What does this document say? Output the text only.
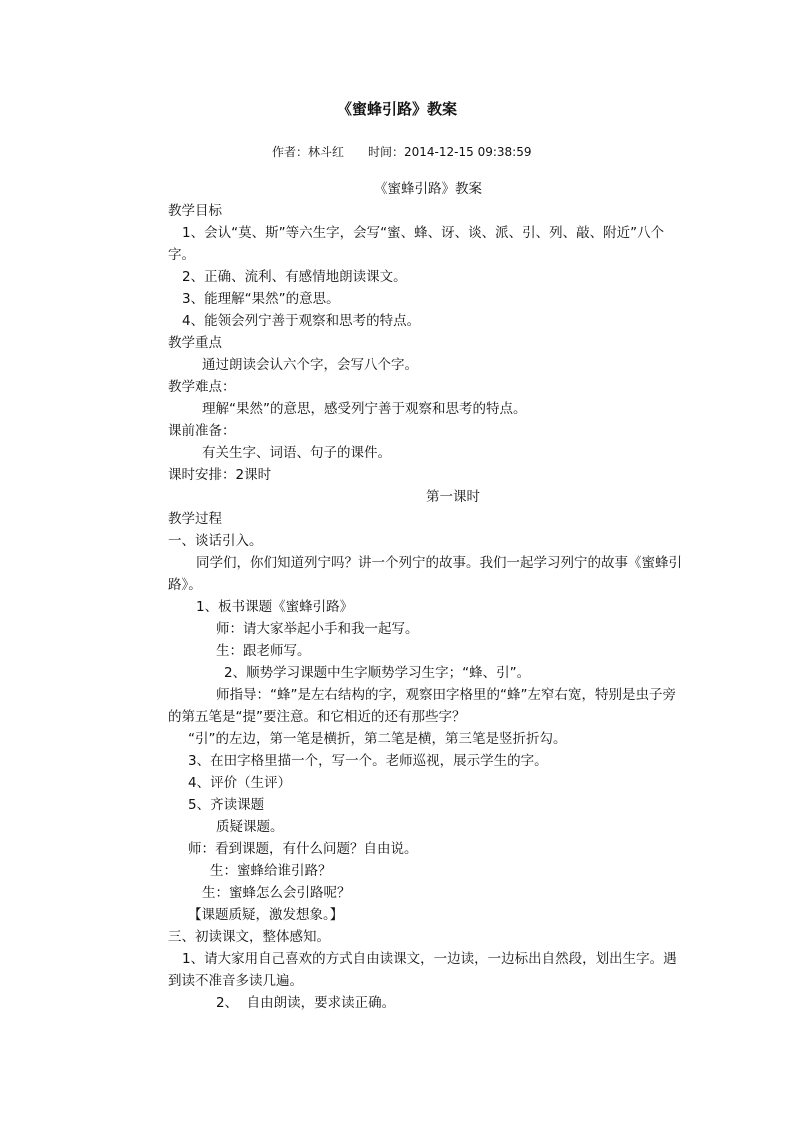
《蜜蜂引路》教案
作者：林斗红 时间：2014-12-15 09:38:59
《蜜蜂引路》教案
教学目标
1、会认“莫、斯”等六生字，会写“蜜、蜂、讶、谈、派、引、列、敲、附近”八个字。
2、正确、流利、有感情地朗读课文。
3、能理解“果然”的意思。
4、能领会列宁善于观察和思考的特点。
教学重点
通过朗读会认六个字，会写八个字。
教学难点：
理解“果然”的意思，感受列宁善于观察和思考的特点。
课前准备：
有关生字、词语、句子的课件。
课时安排：2课时
第一课时
教学过程
一、谈话引入。
同学们，你们知道列宁吗？讲一个列宁的故事。我们一起学习列宁的故事《蜜蜂引路》。
1、板书课题《蜜蜂引路》
师：请大家举起小手和我一起写。
生：跟老师写。
2、顺势学习课题中生字顺势学习生字；“蜂、引”。
师指导：“蜂”是左右结构的字，观察田字格里的“蜂”左窄右宽，特别是虫子旁的第五笔是“提”要注意。和它相近的还有那些字？
“引”的左边，第一笔是横折，第二笔是横，第三笔是竖折折勾。
3、在田字格里描一个，写一个。老师巡视，展示学生的字。
4、评价（生评）
5、齐读课题
质疑课题。
师：看到课题，有什么问题？自由说。
生：蜜蜂给谁引路？
生：蜜蜂怎么会引路呢？
【课题质疑，激发想象。】
三、初读课文，整体感知。
1、请大家用自己喜欢的方式自由读课文，一边读，一边标出自然段，划出生字。遇到读不准音多读几遍。
2、  自由朗读，要求读正确。
